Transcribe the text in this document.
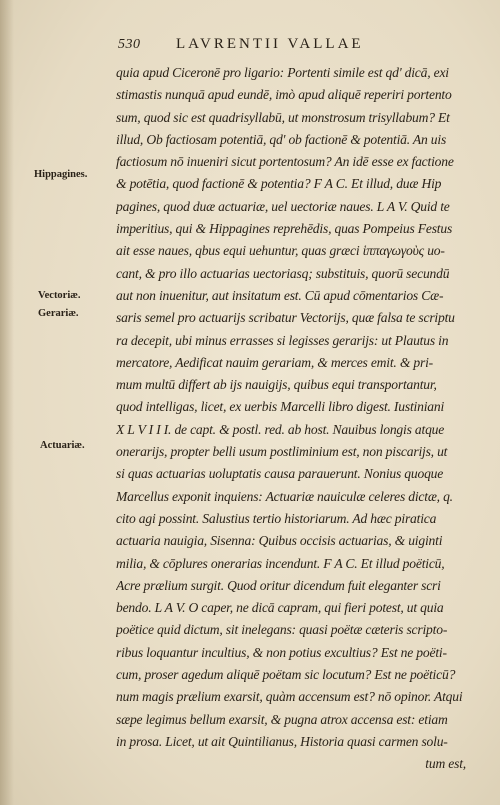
530	LAVRENTII VALLAE
Hippagines.
Vectoriæ.
Gerariæ.
Actuariæ.
quia apud Ciceronē pro ligario: Portenti simile est qd' dicā, exi
stimastis nunquā apud eundē, imò apud aliquē reperiri portento
sum, quod sic est quadrisyllabū, ut monstrosum trisyllabum? Et
illud, Ob factiosam potentiā, qd' ob factionē & potentiā. An uis
factiosum nō inueniri sicut portentosum? An idē esse ex factione
& potētia, quod factionē & potentia? F A C. Et illud, duæ Hip
pagines, quod duæ actuariæ, uel uectoriæ naues. L A V. Quid te
imperitius, qui & Hippagines reprehēdis, quas Pompeius Festus
ait esse naues, qbus equi uehuntur, quas græci ἱππαγωγοὺς uo-
cant, & pro illo actuarias uectoriasq; substituis, quorū secundū
aut non inuenitur, aut insitatum est. Cū apud cōmentarios Cæ-
saris semel pro actuarijs scribatur Vectorijs, quæ falsa te scriptu
ra decepit, ubi minus errasses si legisses gerarijs: ut Plautus in
mercatore, Aedificat nauim gerariam, & merces emit. & pri-
mum multū differt ab ijs nauigijs, quibus equi transportantur,
quod intelligas, licet, ex uerbis Marcelli libro digest. Iustiniani
X L V I I I. de capt. & postl. red. ab host. Nauibus longis atque
onerarijs, propter belli usum postliminium est, non piscarijs, ut
si quas actuarias uoluptatis causa parauerunt. Nonius quoque
Marcellus exponit inquiens: Actuariæ nauiculæ celeres dictæ, q.
cito agi possint. Salustius tertio historiarum. Ad hæc piratica
actuaria nauigia, Sisenna: Quibus occisis actuarias, & uiginti
milia, & cōplures onerarias incendunt. F A C. Et illud poëticū,
Acre prælium surgit. Quod oritur dicendum fuit eleganter scri
bendo. L A V. O caper, ne dicā capram, qui fieri potest, ut quia
poëtice quid dictum, sit inelegans: quasi poëtæ cæteris scripto-
ribus loquantur incultius, & non potius excultius? Est ne poëti-
cum, proser agedum aliquē poëtam sic locutum? Est ne poëticū?
num magis prælium exarsit, quàm accensum est? nō opinor. Atqui
sæpe legimus bellum exarsit, & pugna atrox accensa est: etiam
in prosa. Licet, ut ait Quintilianus, Historia quasi carmen solu-
tum est,
